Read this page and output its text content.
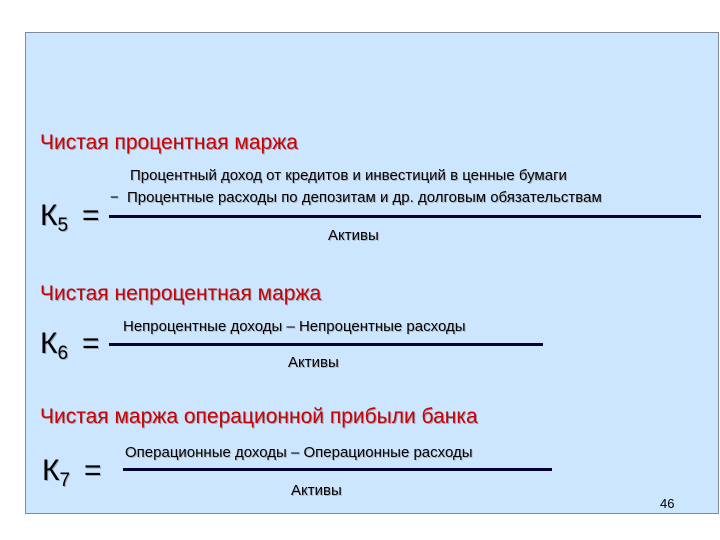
Чистая процентная маржа
$К_5$ =
Процентный доход от кредитов и инвестиций в ценные бумаги
− Процентные расходы по депозитам и др. долговым обязательствам
Активы
Чистая непроцентная маржа
$К_6$ =
Непроцентные доходы – Непроцентные расходы
Активы
Чистая маржа операционной прибыли банка
$К_7$ =
Операционные доходы – Операционные расходы
Активы
46
